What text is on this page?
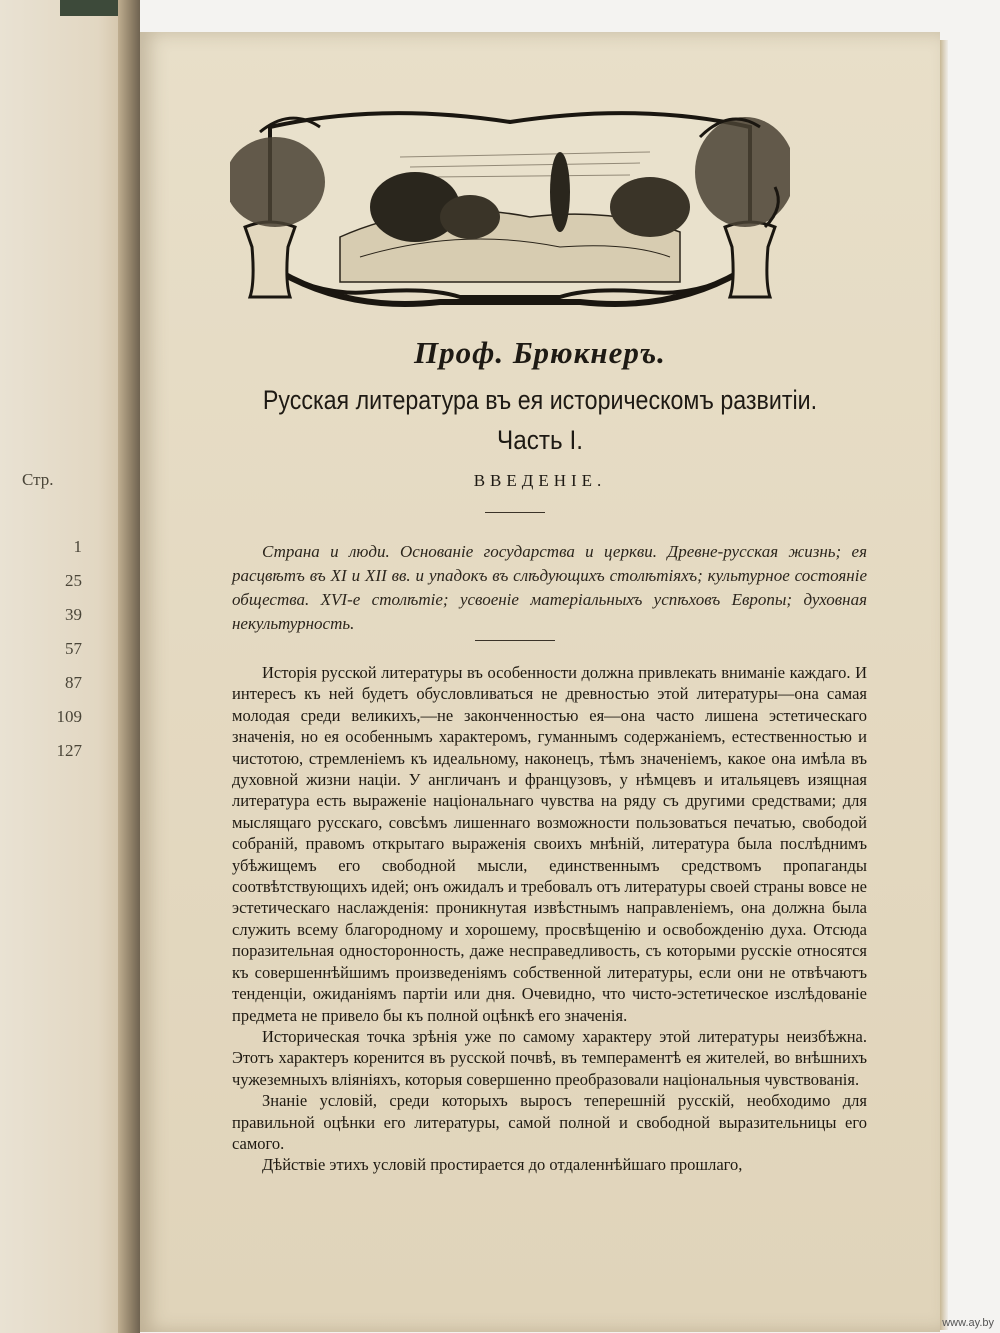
Стр.
1
25
39
57
87
109
127
Проф. Брюкнеръ.
Русская литература въ ея историческомъ развитіи.
Часть I.
ВВЕДЕНІЕ.
Страна и люди. Основаніе государства и церкви. Древне-русская жизнь; ея расцвѣтъ въ XI и XII вв. и упадокъ въ слѣдующихъ столѣтіяхъ; культурное состояніе общества. XVI-е столѣтіе; усвоеніе матеріальныхъ успѣховъ Европы; духовная некультурность.

Исторія русской литературы въ особенности должна привлекать вниманіе каждаго. И интересъ къ ней будетъ обусловливаться не древностью этой литературы—она самая молодая среди великихъ,—не законченностью ея—она часто лишена эстетическаго значенія, но ея особеннымъ характеромъ, гуманнымъ содержаніемъ, естественностью и чистотою, стремленіемъ къ идеальному, наконецъ, тѣмъ значеніемъ, какое она имѣла въ духовной жизни націи. У англичанъ и французовъ, у нѣмцевъ и итальяцевъ изящная литература есть выраженіе національнаго чувства на ряду съ другими средствами; для мыслящаго русскаго, совсѣмъ лишеннаго возможности пользоваться печатью, свободой собраній, правомъ открытаго выраженія своихъ мнѣній, литература была послѣднимъ убѣжищемъ его свободной мысли, единственнымъ средствомъ пропаганды соотвѣтствующихъ идей; онъ ожидалъ и требовалъ отъ литературы своей страны вовсе не эстетическаго наслажденія: проникнутая извѣстнымъ направленіемъ, она должна была служить всему благородному и хорошему, просвѣщенію и освобожденію духа. Отсюда поразительная односторонность, даже несправедливость, съ которыми русскіе относятся къ совершеннѣйшимъ произведеніямъ собственной литературы, если они не отвѣчаютъ тенденціи, ожиданіямъ партіи или дня. Очевидно, что чисто-эстетическое изслѣдованіе предмета не привело бы къ полной оцѣнкѣ его значенія.

Историческая точка зрѣнія уже по самому характеру этой литературы неизбѣжна. Этотъ характеръ коренится въ русской почвѣ, въ темпераментѣ ея жителей, во внѣшнихъ чужеземныхъ вліяніяхъ, которыя совершенно преобразовали національныя чувствованія.

Знаніе условій, среди которыхъ выросъ теперешній русскій, необходимо для правильной оцѣнки его литературы, самой полной и свободной выразительницы его самого.

Дѣйствіе этихъ условій простирается до отдаленнѣйшаго прошлаго,

www.ay.by
